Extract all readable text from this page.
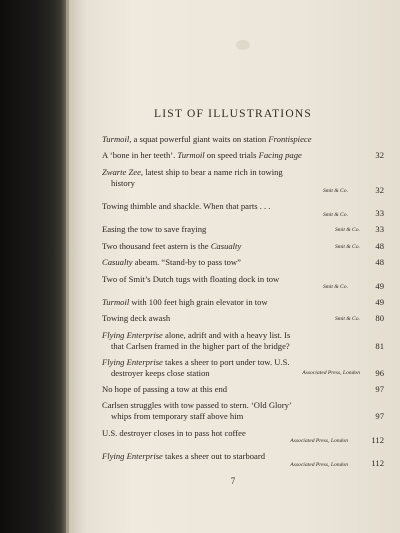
LIST OF ILLUSTRATIONS
Turmoil, a squat powerful giant waits on station Frontispiece
A ‘bone in her teeth’. Turmoil on speed trials Facing page	32
Zwarte Zee, latest ship to bear a name rich in towing
history
Smit & Co.	32
Towing thimble and shackle. When that parts . . .
Smit & Co.	33
Easing the tow to save fraying	Smit & Co. 33
Two thousand feet astern is the Casualty	Smit & Co. 48
Casualty abeam. “Stand-by to pass tow”	48
Two of Smit’s Dutch tugs with floating dock in tow
Smit & Co.	49
Turmoil with 100 feet high grain elevator in tow	49
Towing deck awash	Smit & Co. 80
Flying Enterprise alone, adrift and with a heavy list. Is
that Carlsen framed in the higher part of the bridge?	81
Flying Enterprise takes a sheer to port under tow. U.S.
destroyer keeps close station	Associated Press, London 96
No hope of passing a tow at this end	97
Carlsen struggles with tow passed to stern. ‘Old Glory’
whips from temporary staff above him	97
U.S. destroyer closes in to pass hot coffee
Associated Press, London	112
Flying Enterprise takes a sheer out to starboard
Associated Press, London	112
7
